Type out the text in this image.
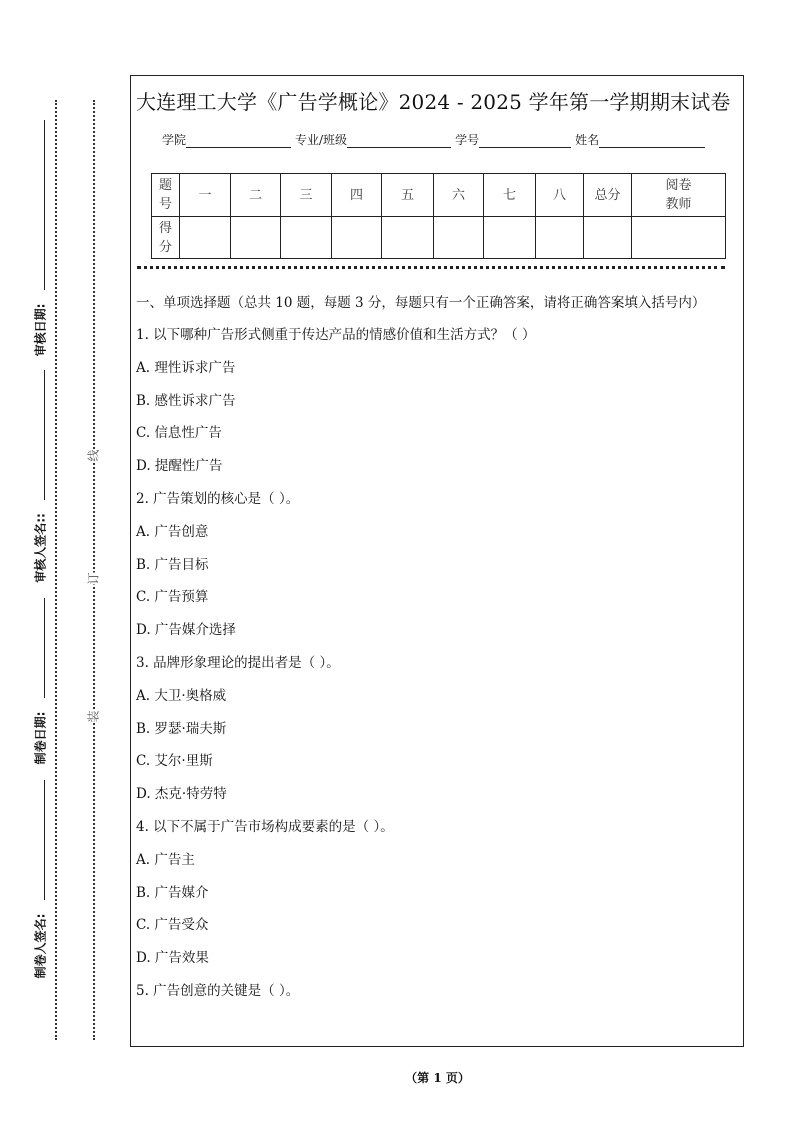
线
订
装
审核日期:
审核人签名::
制卷日期:
制卷人签名:
大连理工大学《广告学概论》2024 - 2025 学年第一学期期末试卷
学院	专业/班级	学号	姓名
题号	一	二	三	四	五	六	七	八	总分	阅卷教师
得分										
一、单项选择题（总共 10 题，每题 3 分，每题只有一个正确答案，请将正确答案填入括号内）
1. 以下哪种广告形式侧重于传达产品的情感价值和生活方式？（ ）
A. 理性诉求广告
B. 感性诉求广告
C. 信息性广告
D. 提醒性广告
2. 广告策划的核心是（ ）。
A. 广告创意
B. 广告目标
C. 广告预算
D. 广告媒介选择
3. 品牌形象理论的提出者是（ ）。
A. 大卫·奥格威
B. 罗瑟·瑞夫斯
C. 艾尔·里斯
D. 杰克·特劳特
4. 以下不属于广告市场构成要素的是（ ）。
A. 广告主
B. 广告媒介
C. 广告受众
D. 广告效果
5. 广告创意的关键是（ ）。
（第 1 页）
